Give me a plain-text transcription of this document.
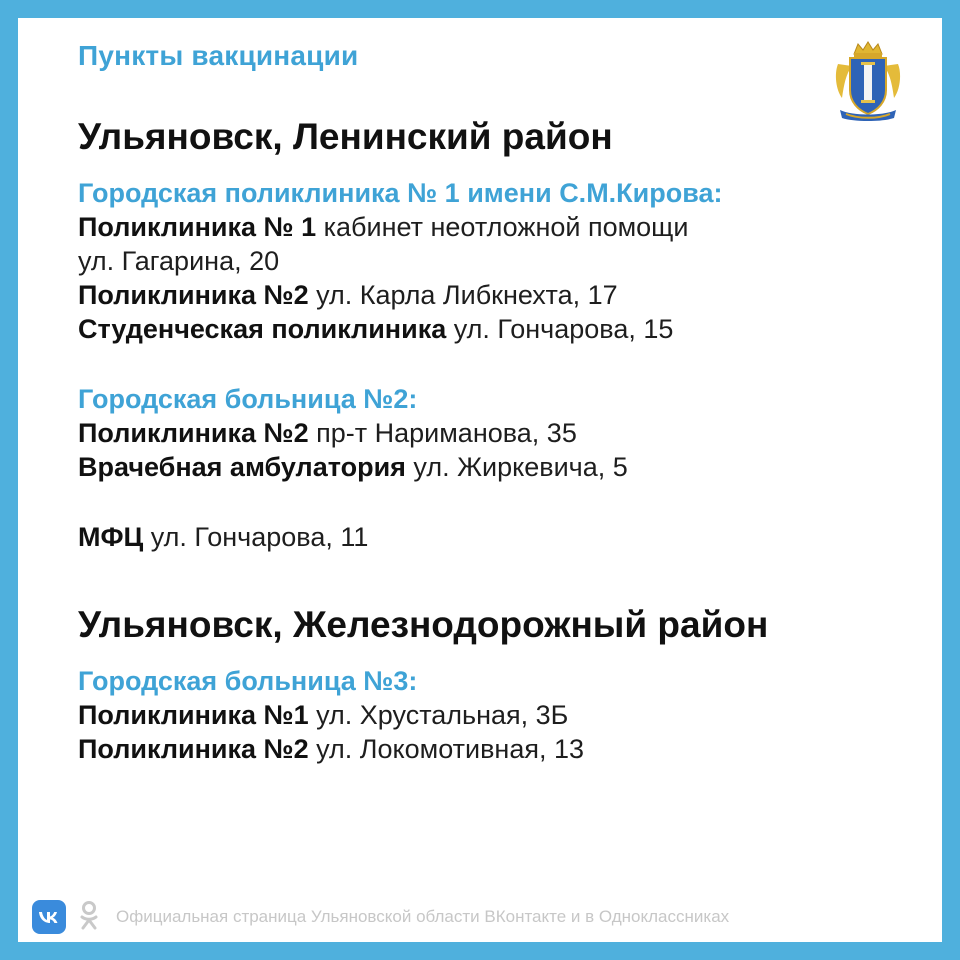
Пункты вакцинации
Ульяновск, Ленинский район
Городская поликлиника № 1 имени С.М.Кирова:
Поликлиника № 1 кабинет неотложной помощи
ул. Гагарина, 20
Поликлиника №2 ул. Карла Либкнехта, 17
Студенческая поликлиника ул. Гончарова, 15
Городская больница №2:
Поликлиника №2 пр-т Нариманова, 35
Врачебная амбулатория ул. Жиркевича, 5
МФЦ ул. Гончарова, 11
Ульяновск, Железнодорожный район
Городская больница №3:
Поликлиника №1 ул. Хрустальная, 3Б
Поликлиника №2 ул. Локомотивная, 13
Официальная страница Ульяновской области ВКонтакте и в Одноклассниках
